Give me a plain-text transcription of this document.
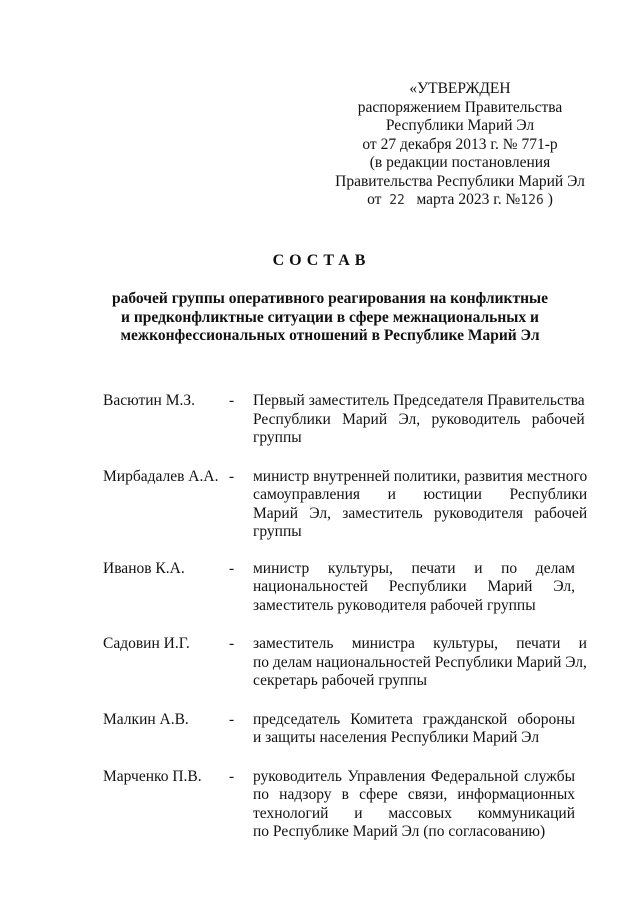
«УТВЕРЖДЕН
распоряжением Правительства
Республики Марий Эл
от 27 декабря 2013 г. № 771-р
(в редакции постановления
Правительства Республики Марий Эл
от 22 марта 2023 г. №126 )
СОСТАВ
рабочей группы оперативного реагирования на конфликтные
и предконфликтные ситуации в сфере межнациональных и
межконфессиональных отношений в Республике Марий Эл
Васютин М.З.	-	Первый заместитель Председателя Правительства
Республики Марий Эл, руководитель рабочей
группы
Мирбадалев А.А. -	министр внутренней политики, развития местного
самоуправления и юстиции Республики
Марий Эл, заместитель руководителя рабочей
группы
Иванов К.А.	-	министр культуры, печати и по делам
национальностей Республики Марий Эл,
заместитель руководителя рабочей группы
Садовин И.Г.	-	заместитель министра культуры, печати и
по делам национальностей Республики Марий Эл,
секретарь рабочей группы
Малкин А.В.	-	председатель Комитета гражданской обороны
и защиты населения Республики Марий Эл
Марченко П.В.	-	руководитель Управления Федеральной службы
по надзору в сфере связи, информационных
технологий и массовых коммуникаций
по Республике Марий Эл (по согласованию)
